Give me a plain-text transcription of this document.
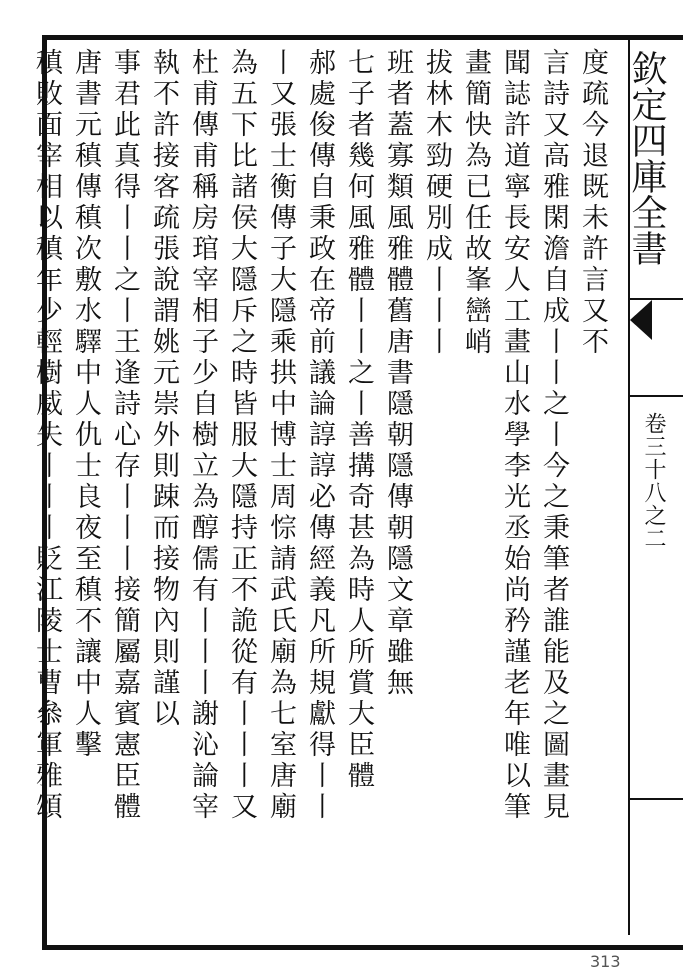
欽定四庫全書
卷三十八之二
度疏今退既未許言又不
言詩又高雅閑澹自成丨丨之丨今之秉筆者誰能及之圖畫見
聞誌許道寧長安人工畫山水學李光丞始尚矜謹老年唯以筆
畫簡快為已任故峯巒峭
拔林木勁硬別成丨丨丨
班者蓋寡類風雅體舊唐書隱朝隱傳朝隱文章雖無
七子者幾何風雅體丨丨之丨善搆奇甚為時人所賞大臣體
郝處俊傳自秉政在帝前議論諄諄必傳經義凡所規獻得丨丨
丨又張士衡傳子大隱乘拱中博士周悰請武氏廟為七室唐廟
為五下比諸侯大隱斥之時皆服大隱持正不詭從有丨丨丨又
杜甫傳甫稱房琯宰相子少自樹立為醇儒有丨丨丨謝沁論宰
執不許接客疏張說謂姚元崇外則踈而接物內則謹以
事君此真得丨丨之丨王逢詩心存丨丨丨接簡屬嘉賓憲臣體
唐書元稹傳稹次敷水驛中人仇士良夜至稹不讓中人擊
稹敗面宰相以稹年少輕樹威失丨丨丨貶江陵士曹叅軍雅頌
313
